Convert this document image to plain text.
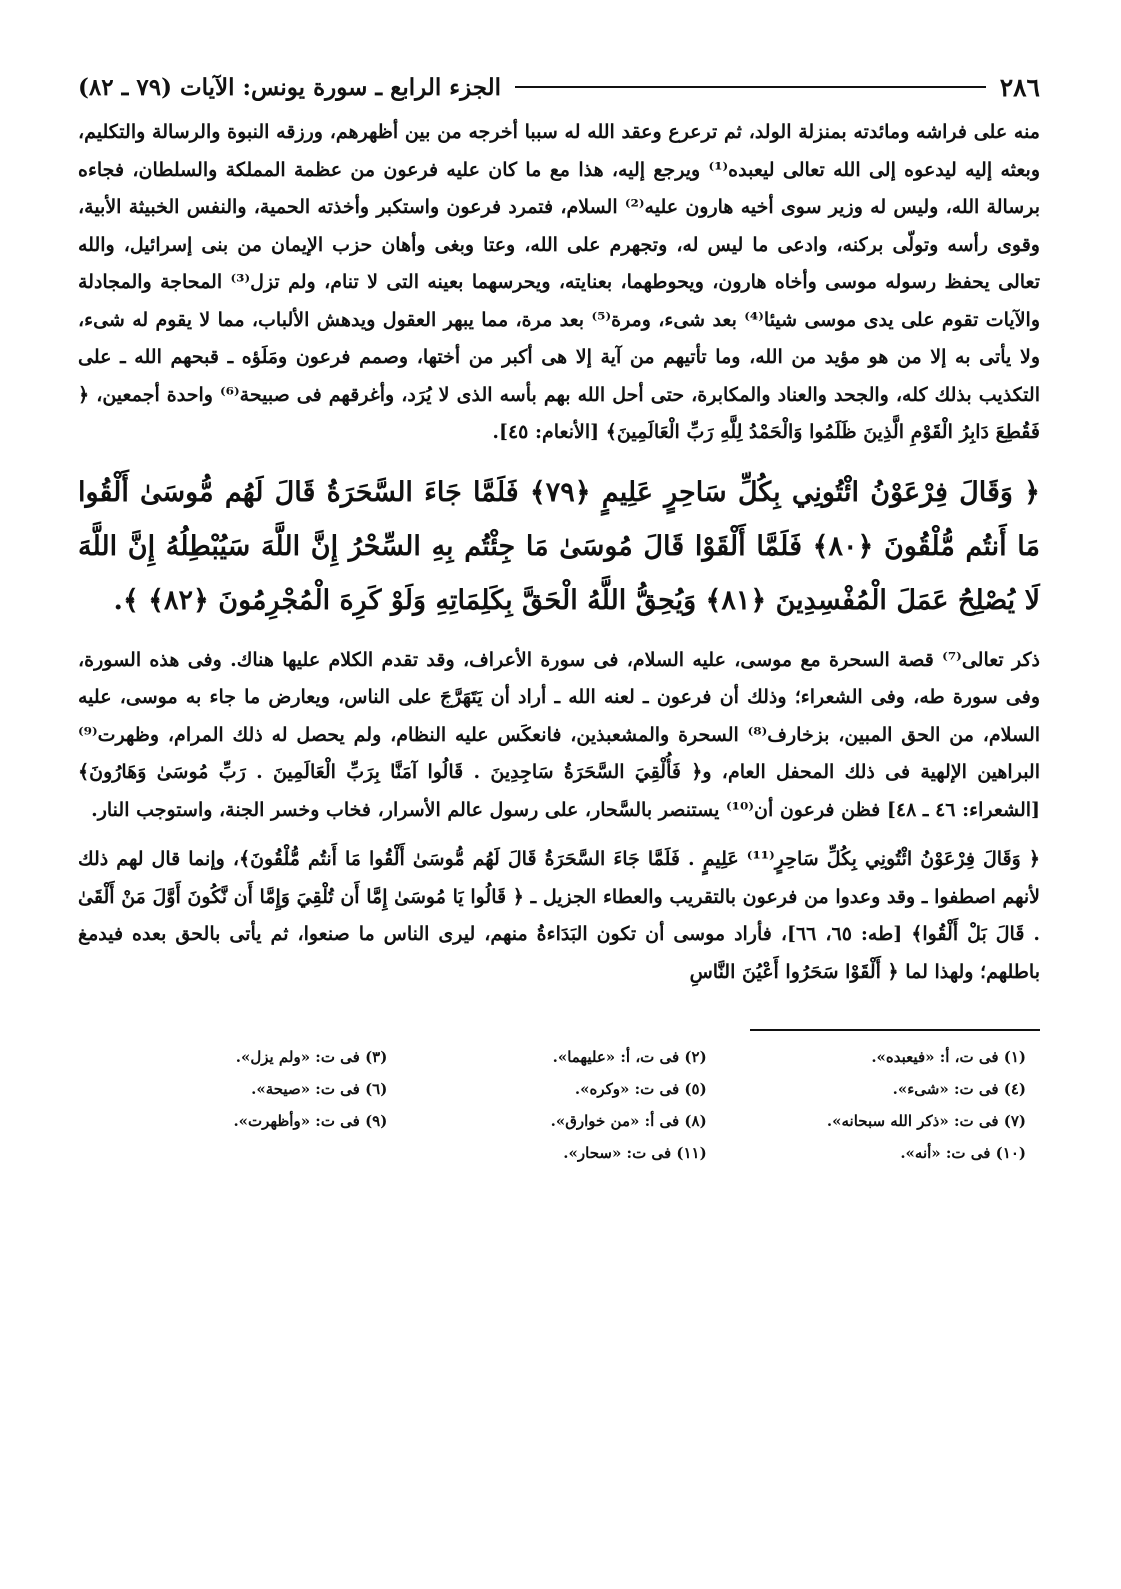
٢٨٦
الجزء الرابع ـ سورة يونس: الآيات (٧٩ ـ ٨٢)

منه على فراشه ومائدته بمنزلة الولد، ثم ترعرع وعقد الله له سببا أخرجه من بين أظهرهم، ورزقه النبوة والرسالة والتكليم، وبعثه إليه ليدعوه إلى الله تعالى ليعبده⁽¹⁾ ويرجع إليه، هذا مع ما كان عليه فرعون من عظمة المملكة والسلطان، فجاءه برسالة الله، وليس له وزير سوى أخيه هارون عليه⁽²⁾ السلام، فتمرد فرعون واستكبر وأخذته الحمية، والنفس الخبيثة الأبية، وقوى رأسه وتولّى بركنه، وادعى ما ليس له، وتجهرم على الله، وعتا وبغى وأهان حزب الإيمان من بنى إسرائيل، والله تعالى يحفظ رسوله موسى وأخاه هارون، ويحوطهما، بعنايته، ويحرسهما بعينه التى لا تنام، ولم تزل⁽³⁾ المحاجة والمجادلة والآيات تقوم على يدى موسى شيئا⁽⁴⁾ بعد شىء، ومرة⁽⁵⁾ بعد مرة، مما يبهر العقول ويدهش الألباب، مما لا يقوم له شىء، ولا يأتى به إلا من هو مؤيد من الله، وما تأتيهم من آية إلا هى أكبر من أختها، وصمم فرعون ومَلَؤه ـ قبحهم الله ـ على التكذيب بذلك كله، والجحد والعناد والمكابرة، حتى أحل الله بهم بأسه الذى لا يُرَد، وأغرقهم فى صبيحة⁽⁶⁾ واحدة أجمعين، ﴿ فَقُطِعَ دَابِرُ الْقَوْمِ الَّذِينَ ظَلَمُوا وَالْحَمْدُ لِلَّهِ رَبِّ الْعَالَمِينَ﴾ [الأنعام: ٤٥].

﴿ وَقَالَ فِرْعَوْنُ ائْتُونِي بِكُلِّ سَاحِرٍ عَلِيمٍ ﴿٧٩﴾ فَلَمَّا جَاءَ السَّحَرَةُ قَالَ لَهُم مُّوسَىٰ أَلْقُوا مَا أَنتُم مُّلْقُونَ ﴿٨٠﴾ فَلَمَّا أَلْقَوْا قَالَ مُوسَىٰ مَا جِئْتُم بِهِ السِّحْرُ إِنَّ اللَّهَ سَيُبْطِلُهُ إِنَّ اللَّهَ لَا يُصْلِحُ عَمَلَ الْمُفْسِدِينَ ﴿٨١﴾ وَيُحِقُّ اللَّهُ الْحَقَّ بِكَلِمَاتِهِ وَلَوْ كَرِهَ الْمُجْرِمُونَ ﴿٨٢﴾ ﴾.

ذكر تعالى⁽⁷⁾ قصة السحرة مع موسى، عليه السلام، فى سورة الأعراف، وقد تقدم الكلام عليها هناك. وفى هذه السورة، وفى سورة طه، وفى الشعراء؛ وذلك أن فرعون ـ لعنه الله ـ أراد أن يَتَهَرَّجَ على الناس، ويعارض ما جاء به موسى، عليه السلام، من الحق المبين، بزخارف⁽⁸⁾ السحرة والمشعبذين، فانعكَس عليه النظام، ولم يحصل له ذلك المرام، وظهرت⁽⁹⁾ البراهين الإلهية فى ذلك المحفل العام، و﴿ فَأُلْقِيَ السَّحَرَةُ سَاجِدِينَ . قَالُوا آمَنَّا بِرَبِّ الْعَالَمِينَ . رَبِّ مُوسَىٰ وَهَارُونَ﴾ [الشعراء: ٤٦ ـ ٤٨] فظن فرعون أن⁽¹⁰⁾ يستنصر بالسَّحار، على رسول عالم الأسرار، فخاب وخسر الجنة، واستوجب النار.

﴿ وَقَالَ فِرْعَوْنُ ائْتُونِي بِكُلِّ سَاحِرٍ⁽¹¹⁾ عَلِيمٍ . فَلَمَّا جَاءَ السَّحَرَةُ قَالَ لَهُم مُّوسَىٰ أَلْقُوا مَا أَنتُم مُّلْقُونَ﴾، وإنما قال لهم ذلك لأنهم اصطفوا ـ وقد وعدوا من فرعون بالتقريب والعطاء الجزيل ـ ﴿ قَالُوا يَا مُوسَىٰ إِمَّا أَن تُلْقِيَ وَإِمَّا أَن نَّكُونَ أَوَّلَ مَنْ أَلْقَىٰ . قَالَ بَلْ أَلْقُوا﴾ [طه: ٦٥، ٦٦]، فأراد موسى أن تكون البَدَاءةُ منهم، ليرى الناس ما صنعوا، ثم يأتى بالحق بعده فيدمغ باطلهم؛ ولهذا لما ﴿ أَلْقَوْا سَحَرُوا أَعْيُنَ النَّاسِ

(١) فى ت، أ: «فيعبده».
(٢) فى ت، أ: «عليهما».
(٣) فى ت: «ولم يزل».
(٤) فى ت: «شىء».
(٥) فى ت: «وكره».
(٦) فى ت: «صيحة».
(٧) فى ت: «ذكر الله سبحانه».
(٨) فى أ: «من خوارق».
(٩) فى ت: «وأظهرت».
(١٠) فى ت: «أنه».
(١١) فى ت: «سحار».
